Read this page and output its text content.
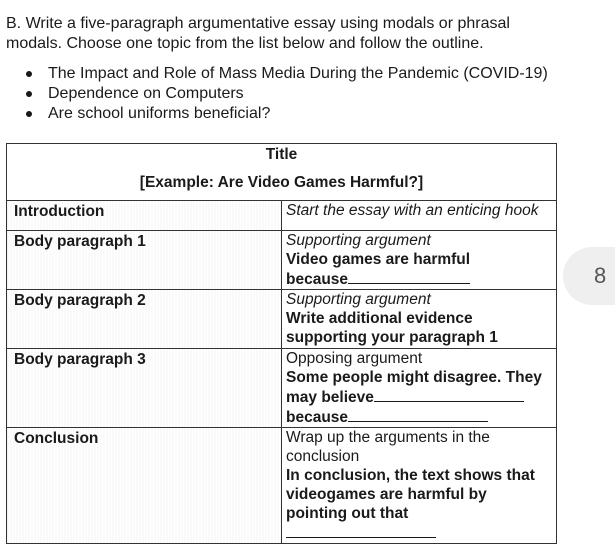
B. Write a five-paragraph argumentative essay using modals or phrasal
modals. Choose one topic from the list below and follow the outline.
The Impact and Role of Mass Media During the Pandemic (COVID-19)
Dependence on Computers
Are school uniforms beneficial?
Title
[Example: Are Video Games Harmful?]	

Introduction	Start the essay with an enticing hook

Body paragraph 1	Supporting argument
Video games are harmful
because

Body paragraph 2	Supporting argument
Write additional evidence
supporting your paragraph 1

Body paragraph 3	Opposing argument
Some people might disagree. They
may believe
because

Conclusion	Wrap up the arguments in the
conclusion
In conclusion, the text shows that
videogames are harmful by
pointing out that
8
